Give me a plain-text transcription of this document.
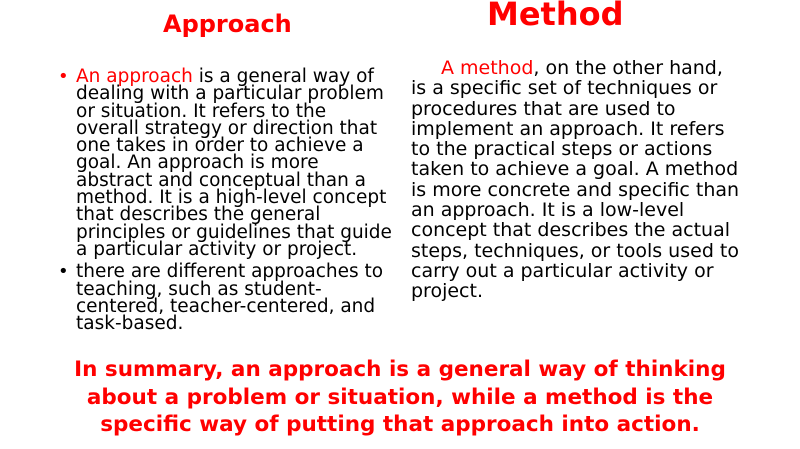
Approach	Method
• An approach is a general way of dealing with a particular problem or situation. It refers to the overall strategy or direction that one takes in order to achieve a goal. An approach is more abstract and conceptual than a method. It is a high-level concept that describes the general principles or guidelines that guide a particular activity or project.
• there are different approaches to teaching, such as student-centered, teacher-centered, and task-based.

A method, on the other hand, is a specific set of techniques or procedures that are used to implement an approach. It refers to the practical steps or actions taken to achieve a goal. A method is more concrete and specific than an approach. It is a low-level concept that describes the actual steps, techniques, or tools used to carry out a particular activity or project.

In summary, an approach is a general way of thinking about a problem or situation, while a method is the specific way of putting that approach into action.
